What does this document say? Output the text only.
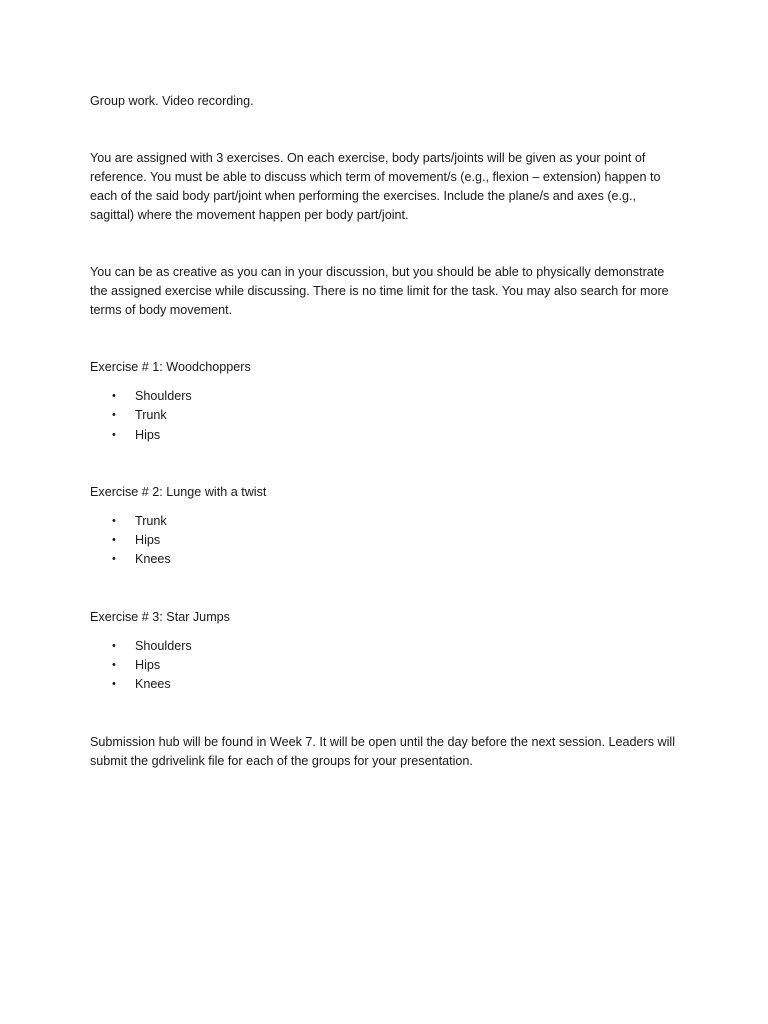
Group work. Video recording.

You are assigned with 3 exercises. On each exercise, body parts/joints will be given as your point of reference. You must be able to discuss which term of movement/s (e.g., flexion – extension) happen to each of the said body part/joint when performing the exercises. Include the plane/s and axes (e.g., sagittal) where the movement happen per body part/joint.

You can be as creative as you can in your discussion, but you should be able to physically demonstrate the assigned exercise while discussing. There is no time limit for the task. You may also search for more terms of body movement.

Exercise # 1: Woodchoppers

• Shoulders
• Trunk
• Hips

Exercise # 2: Lunge with a twist

• Trunk
• Hips
• Knees

Exercise # 3: Star Jumps

• Shoulders
• Hips
• Knees

Submission hub will be found in Week 7. It will be open until the day before the next session. Leaders will submit the gdrivelink file for each of the groups for your presentation.
